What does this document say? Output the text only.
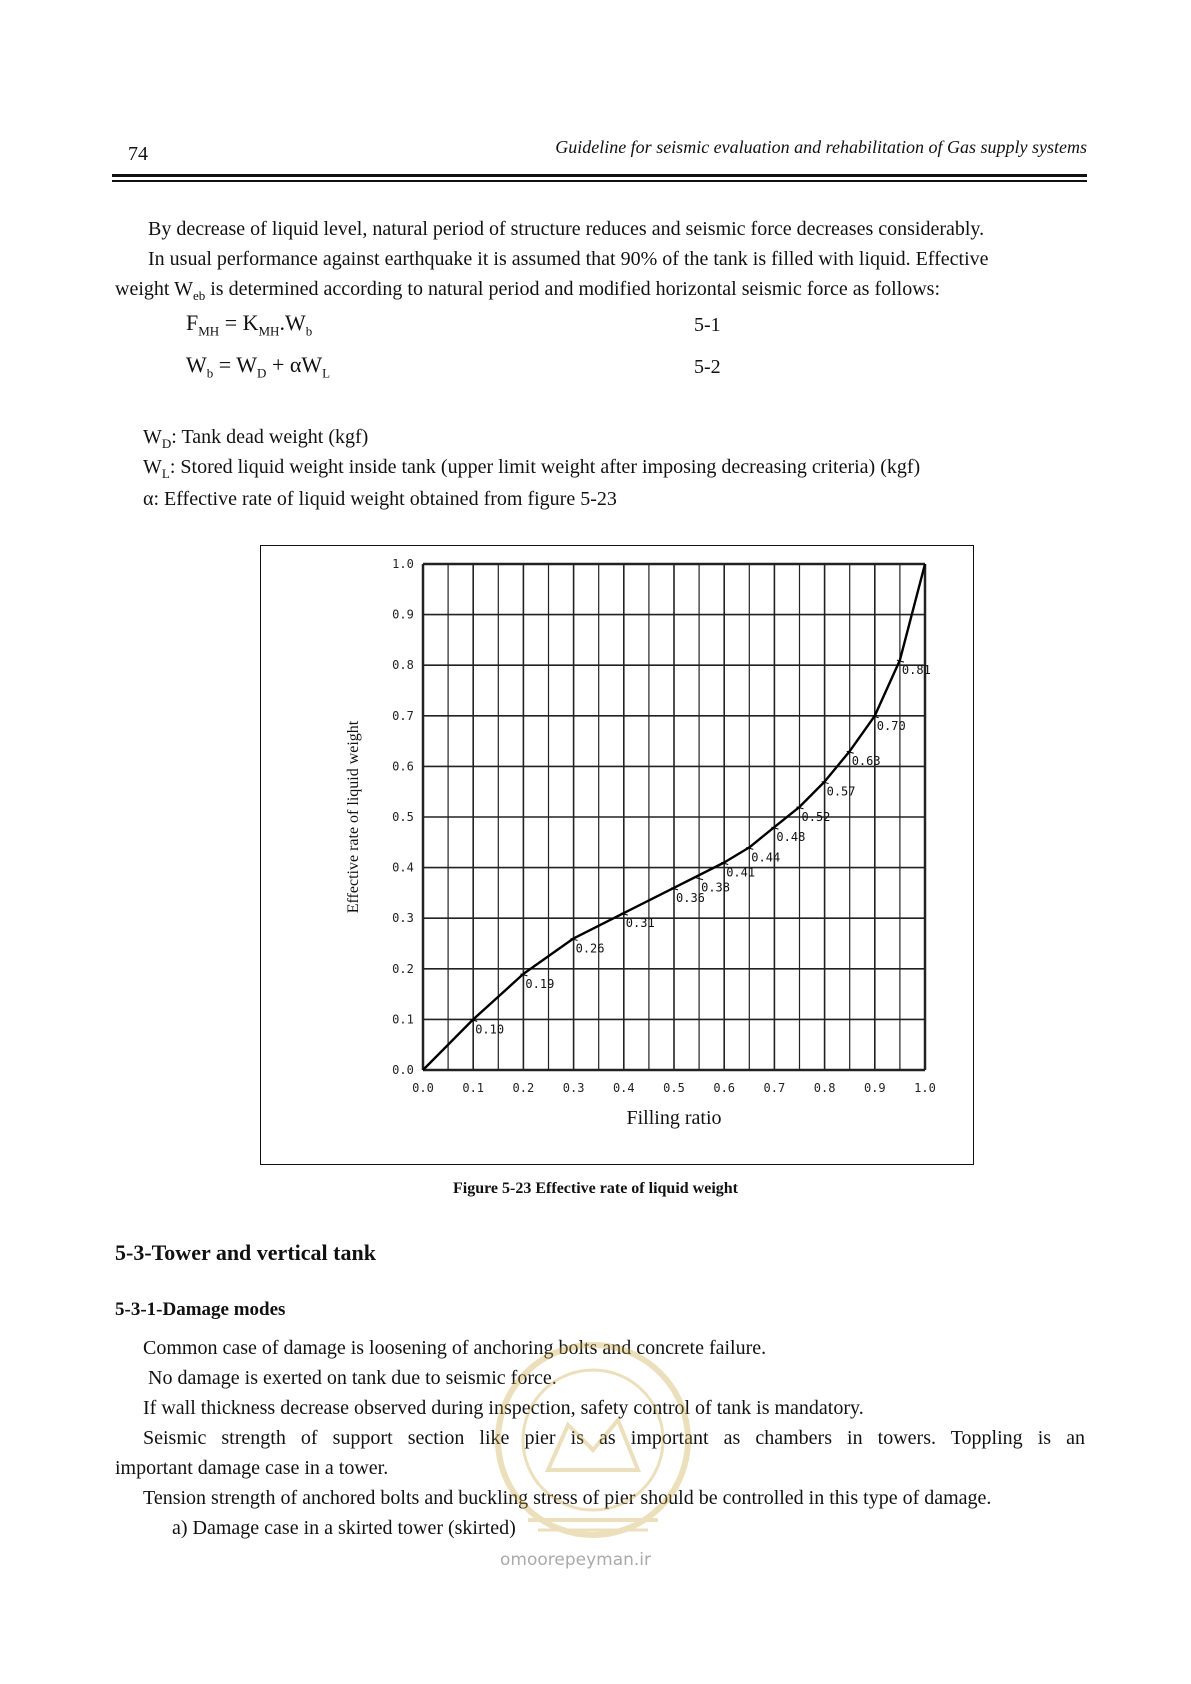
74	Guideline for seismic evaluation and rehabilitation of Gas supply systems
By decrease of liquid level, natural period of structure reduces and seismic force decreases considerably.
In usual performance against earthquake it is assumed that 90% of the tank is filled with liquid. Effective
weight $W_{eb}$ is determined according to natural period and modified horizontal seismic force as follows:
$F_{MH} = K_{MH}.W_b$	5-1
$W_b = W_D + \alpha W_L$	5-2
$W_D$: Tank dead weight (kgf)
$W_L$: Stored liquid weight inside tank (upper limit weight after imposing decreasing criteria) (kgf)
α: Effective rate of liquid weight obtained from figure 5-23
0.0 0.1 0.2 0.3 0.4 0.5 0.6 0.7 0.8 0.9 1.0
0.0
0.1
0.2
0.3
0.4
0.5
0.6
0.7
0.8
0.9
1.0
Filling ratio
Effective rate of liquid weight
0.10
0.19
0.26
0.31
0.36
0.38
0.41
0.44
0.48
0.52
0.57
0.63
0.70
0.81
Figure 5-23 Effective rate of liquid weight
5-3-Tower and vertical tank
5-3-1-Damage modes
Common case of damage is loosening of anchoring bolts and concrete failure.
No damage is exerted on tank due to seismic force.
If wall thickness decrease observed during inspection, safety control of tank is mandatory.
Seismic strength of support section like pier is as important as chambers in towers. Toppling is an
important damage case in a tower.
Tension strength of anchored bolts and buckling stress of pier should be controlled in this type of damage.
a) Damage case in a skirted tower (skirted)
omoorepeyman.ir
